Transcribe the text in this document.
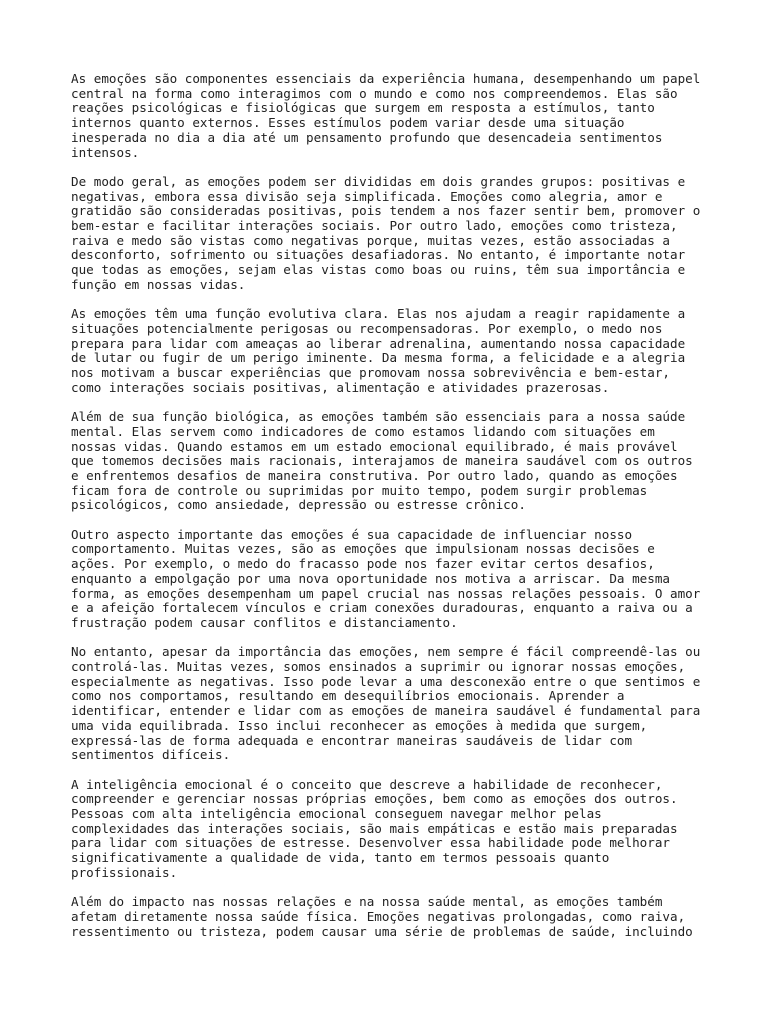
As emoções são componentes essenciais da experiência humana, desempenhando um papel
central na forma como interagimos com o mundo e como nos compreendemos. Elas são
reações psicológicas e fisiológicas que surgem em resposta a estímulos, tanto
internos quanto externos. Esses estímulos podem variar desde uma situação
inesperada no dia a dia até um pensamento profundo que desencadeia sentimentos
intensos.

De modo geral, as emoções podem ser divididas em dois grandes grupos: positivas e
negativas, embora essa divisão seja simplificada. Emoções como alegria, amor e
gratidão são consideradas positivas, pois tendem a nos fazer sentir bem, promover o
bem-estar e facilitar interações sociais. Por outro lado, emoções como tristeza,
raiva e medo são vistas como negativas porque, muitas vezes, estão associadas a
desconforto, sofrimento ou situações desafiadoras. No entanto, é importante notar
que todas as emoções, sejam elas vistas como boas ou ruins, têm sua importância e
função em nossas vidas.

As emoções têm uma função evolutiva clara. Elas nos ajudam a reagir rapidamente a
situações potencialmente perigosas ou recompensadoras. Por exemplo, o medo nos
prepara para lidar com ameaças ao liberar adrenalina, aumentando nossa capacidade
de lutar ou fugir de um perigo iminente. Da mesma forma, a felicidade e a alegria
nos motivam a buscar experiências que promovam nossa sobrevivência e bem-estar,
como interações sociais positivas, alimentação e atividades prazerosas.

Além de sua função biológica, as emoções também são essenciais para a nossa saúde
mental. Elas servem como indicadores de como estamos lidando com situações em
nossas vidas. Quando estamos em um estado emocional equilibrado, é mais provável
que tomemos decisões mais racionais, interajamos de maneira saudável com os outros
e enfrentemos desafios de maneira construtiva. Por outro lado, quando as emoções
ficam fora de controle ou suprimidas por muito tempo, podem surgir problemas
psicológicos, como ansiedade, depressão ou estresse crônico.

Outro aspecto importante das emoções é sua capacidade de influenciar nosso
comportamento. Muitas vezes, são as emoções que impulsionam nossas decisões e
ações. Por exemplo, o medo do fracasso pode nos fazer evitar certos desafios,
enquanto a empolgação por uma nova oportunidade nos motiva a arriscar. Da mesma
forma, as emoções desempenham um papel crucial nas nossas relações pessoais. O amor
e a afeição fortalecem vínculos e criam conexões duradouras, enquanto a raiva ou a
frustração podem causar conflitos e distanciamento.

No entanto, apesar da importância das emoções, nem sempre é fácil compreendê-las ou
controlá-las. Muitas vezes, somos ensinados a suprimir ou ignorar nossas emoções,
especialmente as negativas. Isso pode levar a uma desconexão entre o que sentimos e
como nos comportamos, resultando em desequilíbrios emocionais. Aprender a
identificar, entender e lidar com as emoções de maneira saudável é fundamental para
uma vida equilibrada. Isso inclui reconhecer as emoções à medida que surgem,
expressá-las de forma adequada e encontrar maneiras saudáveis de lidar com
sentimentos difíceis.

A inteligência emocional é o conceito que descreve a habilidade de reconhecer,
compreender e gerenciar nossas próprias emoções, bem como as emoções dos outros.
Pessoas com alta inteligência emocional conseguem navegar melhor pelas
complexidades das interações sociais, são mais empáticas e estão mais preparadas
para lidar com situações de estresse. Desenvolver essa habilidade pode melhorar
significativamente a qualidade de vida, tanto em termos pessoais quanto
profissionais.

Além do impacto nas nossas relações e na nossa saúde mental, as emoções também
afetam diretamente nossa saúde física. Emoções negativas prolongadas, como raiva,
ressentimento ou tristeza, podem causar uma série de problemas de saúde, incluindo
